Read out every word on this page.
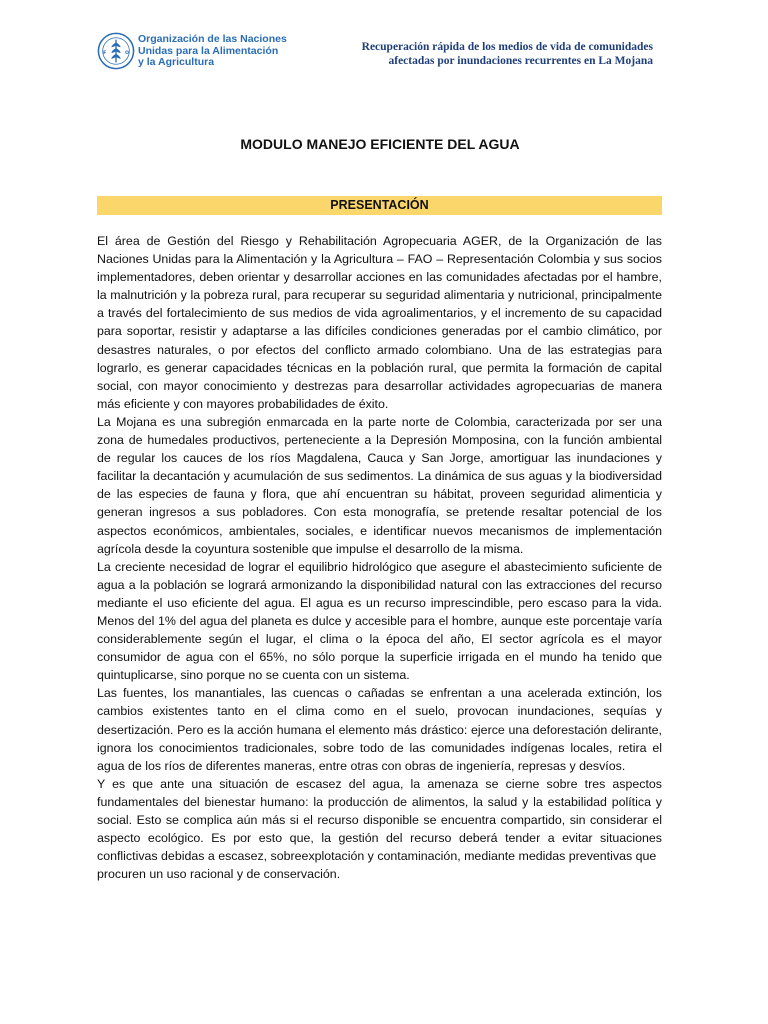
F	O
Organización de las Naciones
Unidas para la Alimentación
y la Agricultura
Recuperación rápida de los medios de vida de comunidades
afectadas por inundaciones recurrentes en La Mojana
MODULO MANEJO EFICIENTE DEL AGUA
PRESENTACIÓN

El área de Gestión del Riesgo y Rehabilitación Agropecuaria AGER, de la Organización de las Naciones Unidas para la Alimentación y la Agricultura – FAO – Representación Colombia y sus socios implementadores, deben orientar y desarrollar acciones en las comunidades afectadas por el hambre, la malnutrición y la pobreza rural, para recuperar su seguridad alimentaria y nutricional, principalmente a través del fortalecimiento de sus medios de vida agroalimentarios, y el incremento de su capacidad para soportar, resistir y adaptarse a las difíciles condiciones generadas por el cambio climático, por desastres naturales, o por efectos del conflicto armado colombiano. Una de las estrategias para lograrlo, es generar capacidades técnicas en la población rural, que permita la formación de capital social, con mayor conocimiento y destrezas para desarrollar actividades agropecuarias de manera más eficiente y con mayores probabilidades de éxito.

La Mojana es una subregión enmarcada en la parte norte de Colombia, caracterizada por ser una zona de humedales productivos, perteneciente a la Depresión Momposina, con la función ambiental de regular los cauces de los ríos Magdalena, Cauca y San Jorge, amortiguar las inundaciones y facilitar la decantación y acumulación de sus sedimentos. La dinámica de sus aguas y la biodiversidad de las especies de fauna y flora, que ahí encuentran su hábitat, proveen seguridad alimenticia y generan ingresos a sus pobladores. Con esta monografía, se pretende resaltar potencial de los aspectos económicos, ambientales, sociales, e identificar nuevos mecanismos de implementación agrícola desde la coyuntura sostenible que impulse el desarrollo de la misma.

La creciente necesidad de lograr el equilibrio hidrológico que asegure el abastecimiento suficiente de agua a la población se logrará armonizando la disponibilidad natural con las extracciones del recurso mediante el uso eficiente del agua. El agua es un recurso imprescindible, pero escaso para la vida. Menos del 1% del agua del planeta es dulce y accesible para el hombre, aunque este porcentaje varía considerablemente según el lugar, el clima o la época del año, El sector agrícola es el mayor consumidor de agua con el 65%, no sólo porque la superficie irrigada en el mundo ha tenido que quintuplicarse, sino porque no se cuenta con un sistema.

Las fuentes, los manantiales, las cuencas o cañadas se enfrentan a una acelerada extinción, los cambios existentes tanto en el clima como en el suelo, provocan inundaciones, sequías y desertización. Pero es la acción humana el elemento más drástico: ejerce una deforestación delirante, ignora los conocimientos tradicionales, sobre todo de las comunidades indígenas locales, retira el agua de los ríos de diferentes maneras, entre otras con obras de ingeniería, represas y desvíos.

Y es que ante una situación de escasez del agua, la amenaza se cierne sobre tres aspectos fundamentales del bienestar humano: la producción de alimentos, la salud y la estabilidad política y social. Esto se complica aún más si el recurso disponible se encuentra compartido, sin considerar el aspecto ecológico. Es por esto que, la gestión del recurso deberá tender a evitar situaciones conflictivas debidas a escasez, sobreexplotación y contaminación, mediante medidas preventivas que

procuren un uso racional y de conservación.
